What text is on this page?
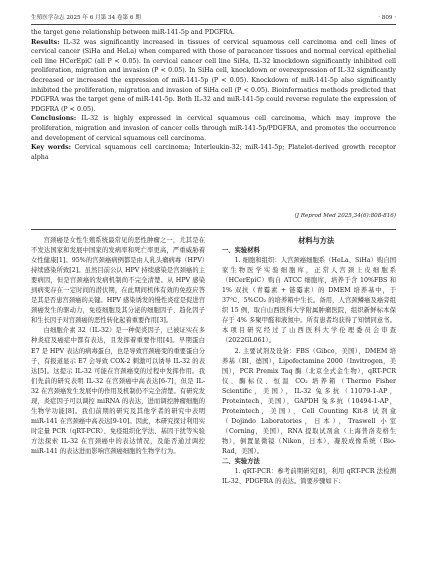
生殖医学杂志 2025 年 6 月第 34 卷第 6 期	· 809 ·

the target gene relationship between miR-141-5p and PDGFRA.

Results: IL-32 was significantly increased in tissues of cervical squamous cell carcinoma and cell lines of cervical cancer (SiHa and HeLa) when compared with those of paracancer tissues and normal cervical epithelial cell line HCerEpiC (all P < 0.05). In cervical cancer cell line SiHa, IL-32 knockdown significantly inhibited cell proliferation, migration and invasion (P < 0.05). In SiHa cell, knockdown or overexpression of IL-32 significantly decreased or increased the expression of miR-141-5p (P < 0.05). Knockdown of miR-141-5p also significantly inhibited the proliferation, migration and invasion of SiHa cell (P < 0.05). Bioinformatics methods predicted that PDGFRA was the target gene of miR-141-5p. Both IL-32 and miR-141-5p could reverse regulate the expression of PDGFRA (P < 0.05).

Conclusions: IL-32 is highly expressed in cervical squamous cell carcinoma, which may improve the proliferation, migration and invasion of cancer cells through miR-141-5p/PDGFRA, and promotes the occurrence and development of cervical squamous cell carcinoma.

Key words: Cervical squamous cell carcinoma; Interleukin-32; miR-141-5p; Platelet-derived growth receptor alpha

(J Reprod Med 2025,34(6):808-816)

宫颈癌是女性生殖系统最常见的恶性肿瘤之一，尤其是在不发达国家和发展中国家的发病率和死亡率更高，严重威胁着女性健康[1]。95%的宫颈癌病例都是由人乳头瘤病毒（HPV）持续感染所致[2]。虽然目前公认 HPV 持续感染是宫颈癌的主要病因，但是宫颈癌的发病机制尚不完全清楚。从 HPV 感染到病变存在一定时间的潜伏期，在此期间机体有效的免疫应答是其是否患宫颈癌的关键。HPV 感染诱发的慢性炎症是促进宫颈癌发生的驱动力，免疫细胞及其分泌的细胞因子、趋化因子和生长因子对宫颈癌的恶性转化起着重要作用[3]。

白细胞介素 32（IL-32）是一种促炎因子，已被证实在多种炎症及癌症中都有表达，且发挥着重要作用[4]。早期蛋白 E7 是 HPV 表达的病毒蛋白，也是导致宫颈癌变的重要蛋白分子，有报道显示 E7 会导致 COX-2 刺激可以诱导 IL-32 的表达[5]。这提示 IL-32 可能在宫颈癌变的过程中发挥作用。我们先前的研究表明 IL-32 在宫颈癌中高表达[6-7]，但是 IL-32 在宫颈癌发生发展中的作用及机制仍不完全清楚。有研究发现，炎症因子可以调控 miRNA 的表达，进而调控肿瘤细胞的生物学功能[8]。我们前期的研究及其他学者的研究中表明 miR-141 在宫颈癌中高表达[9-10]。因此，本研究探讨利用实时定量 PCR（qRT-PCR）、免疫组织化学法、基因干扰等实验方法探索 IL-32 在宫颈癌中的表达情况，及能否通过调控 miR-141 的表达进而影响宫颈癌细胞的生物学行为。

材料与方法

一、实验材料

1. 细胞和组织：人宫颈癌细胞系（HeLa、SiHa）购自国家生物医学实验细胞库，正常人宫颈上皮细胞系（HCerEpiC）购自 ATCC 细胞库，培养于含 10%FBS 和 1% 双抗（青霉素 + 链霉素）的 DMEM 培养基中，于 37℃、5%CO₂ 的培养箱中生长。备用，人宫颈鳞癌及癌旁组织 15 例，取自山西医科大学附属肿瘤医院，组织新鲜标本保存于 4% 多聚甲醛和液氮中。所有患者均获得了知情同意书。本项目研究经过了山西医科大学伦理委员会审查（2022GL061）。

2. 主要试剂及设备：FBS（Gibco，美国），DMEM 培养基（BI，德国），Lipofectamine 2000（Invitrogen，美国），PCR Premix Taq 酶（北京全式金生物），qRT-PCR 仪、酶标仪、恒温 CO₂ 培养箱（Thermo Fisher Scientific，美国），IL-32 兔多抗（11079-1-AP，Proteintech，美国），GAPDH 兔多抗（10494-1-AP，Proteintech，美国），Cell Counting Kit-8 试剂盒（Dojindo Laboratories，日本），Traswell 小室（Corning，美国），RNA 提取试剂盒（上海普洛麦格生物），倒置显微镜（Nikon，日本），凝胶成像系统（Bio-Rad，美国）。

二、实验方法

1. qRT-PCR：参考前期研究[8]，利用 qRT-PCR 法检测 IL-32、PDGFRA 的表达。简要步骤如下：
